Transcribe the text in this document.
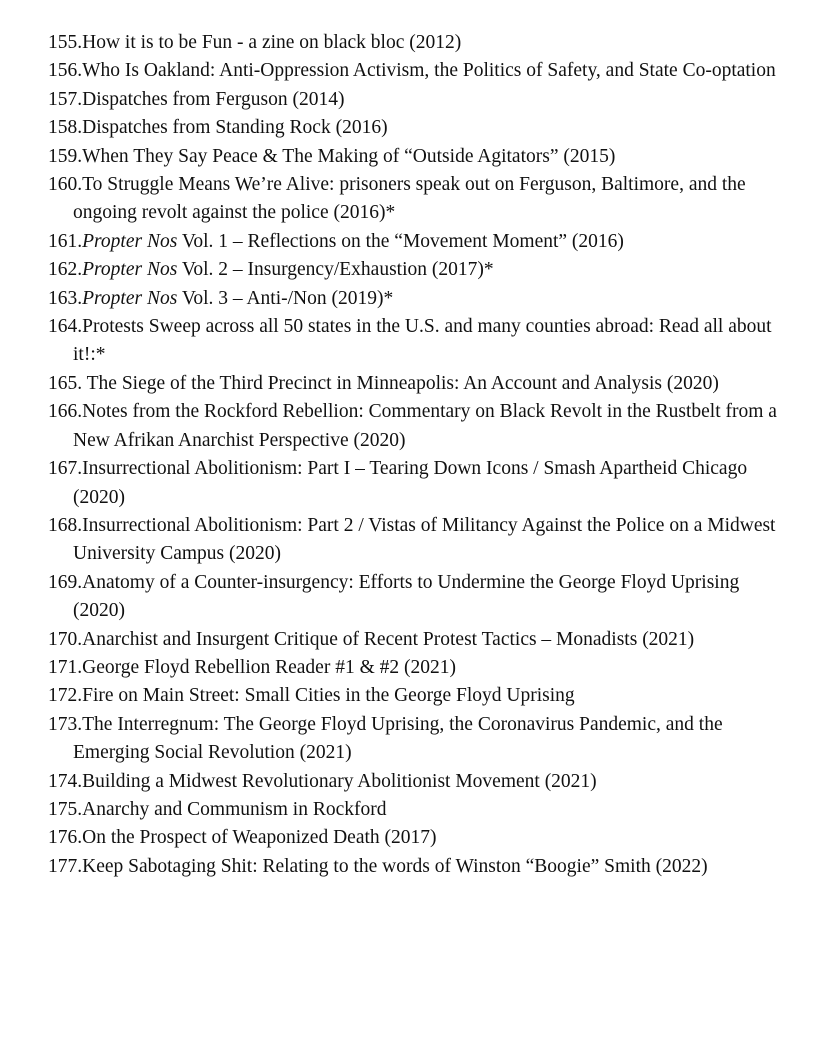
155.How it is to be Fun - a zine on black bloc (2012)
156.Who Is Oakland: Anti-Oppression Activism, the Politics of Safety, and State Co-optation
157.Dispatches from Ferguson (2014)
158.Dispatches from Standing Rock (2016)
159.When They Say Peace & The Making of “Outside Agitators” (2015)
160.To Struggle Means We’re Alive: prisoners speak out on Ferguson, Baltimore, and the ongoing revolt against the police (2016)*
161.Propter Nos Vol. 1 – Reflections on the “Movement Moment” (2016)
162.Propter Nos Vol. 2 – Insurgency/Exhaustion (2017)*
163.Propter Nos Vol. 3 – Anti-/Non (2019)*
164.Protests Sweep across all 50 states in the U.S. and many counties abroad: Read all about it!:*
165. The Siege of the Third Precinct in Minneapolis: An Account and Analysis (2020)
166.Notes from the Rockford Rebellion: Commentary on Black Revolt in the Rustbelt from a New Afrikan Anarchist Perspective (2020)
167.Insurrectional Abolitionism: Part I – Tearing Down Icons / Smash Apartheid Chicago (2020)
168.Insurrectional Abolitionism: Part 2 / Vistas of Militancy Against the Police on a Midwest University Campus (2020)
169.Anatomy of a Counter-insurgency: Efforts to Undermine the George Floyd Uprising (2020)
170.Anarchist and Insurgent Critique of Recent Protest Tactics – Monadists (2021)
171.George Floyd Rebellion Reader #1 & #2 (2021)
172.Fire on Main Street: Small Cities in the George Floyd Uprising
173.The Interregnum: The George Floyd Uprising, the Coronavirus Pandemic, and the Emerging Social Revolution (2021)
174.Building a Midwest Revolutionary Abolitionist Movement (2021)
175.Anarchy and Communism in Rockford
176.On the Prospect of Weaponized Death (2017)
177.Keep Sabotaging Shit: Relating to the words of Winston “Boogie” Smith (2022)
